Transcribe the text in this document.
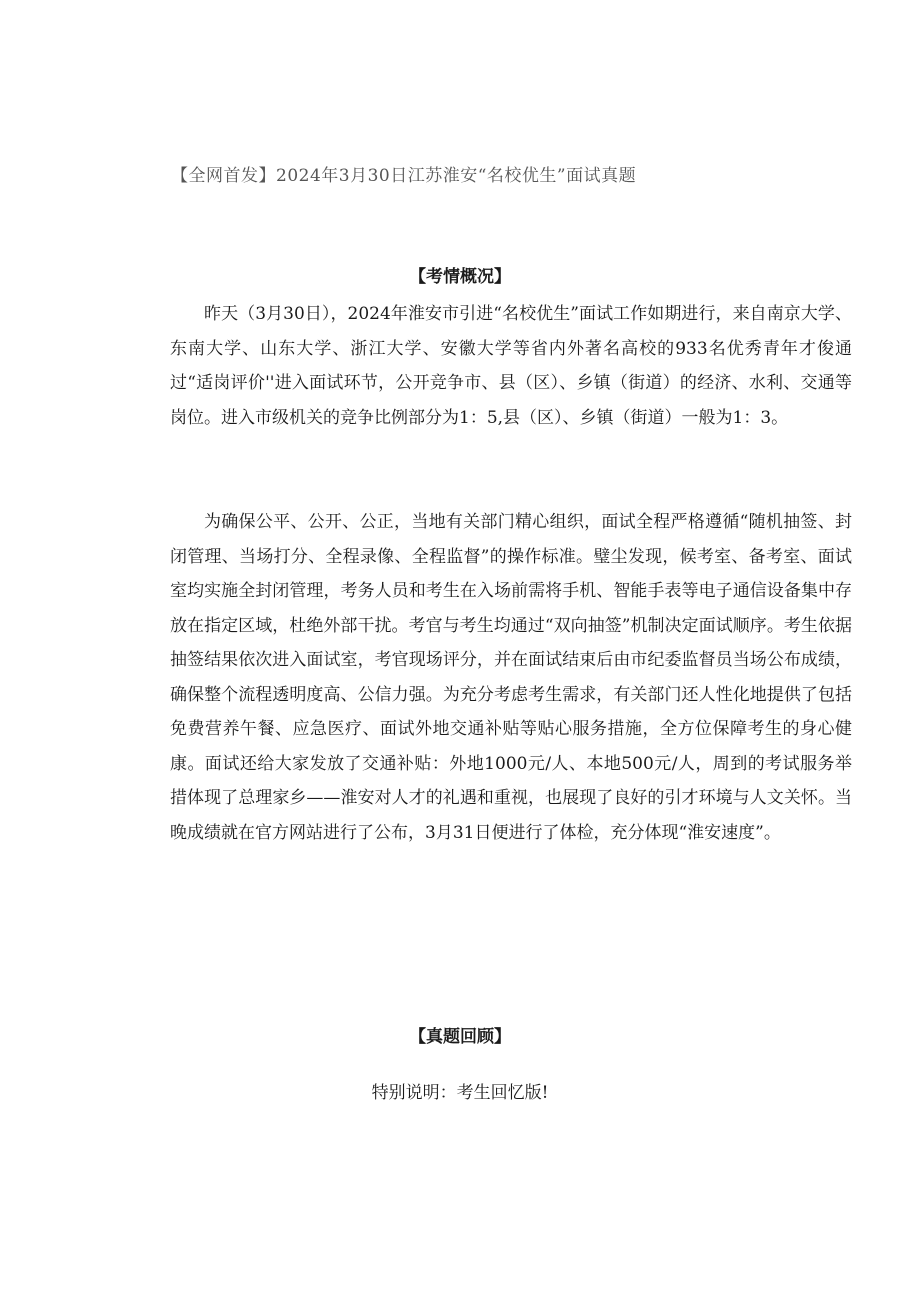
【全网首发】2024年3月30日江苏淮安“名校优生”面试真题
【考情概况】

昨天（3月30日），2024年淮安市引进“名校优生”面试工作如期进行，来自南京大学、东南大学、山东大学、浙江大学、安徽大学等省内外著名高校的933名优秀青年才俊通过“适岗评价''进入面试环节，公开竞争市、县（区）、乡镇（街道）的经济、水利、交通等岗位。进入市级机关的竞争比例部分为1：5,县（区）、乡镇（街道）一般为1：3。

为确保公平、公开、公正，当地有关部门精心组织，面试全程严格遵循“随机抽签、封闭管理、当场打分、全程录像、全程监督”的操作标准。璧尘发现，候考室、备考室、面试室均实施全封闭管理，考务人员和考生在入场前需将手机、智能手表等电子通信设备集中存放在指定区域，杜绝外部干扰。考官与考生均通过“双向抽签”机制决定面试顺序。考生依据抽签结果依次进入面试室，考官现场评分，并在面试结束后由市纪委监督员当场公布成绩，确保整个流程透明度高、公信力强。为充分考虑考生需求，有关部门还人性化地提供了包括免费营养午餐、应急医疗、面试外地交通补贴等贴心服务措施，全方位保障考生的身心健康。面试还给大家发放了交通补贴：外地1000元/人、本地500元/人，周到的考试服务举措体现了总理家乡——淮安对人才的礼遇和重视，也展现了良好的引才环境与人文关怀。当晚成绩就在官方网站进行了公布，3月31日便进行了体检，充分体现“淮安速度”。

【真题回顾】
特别说明：考生回忆版!
